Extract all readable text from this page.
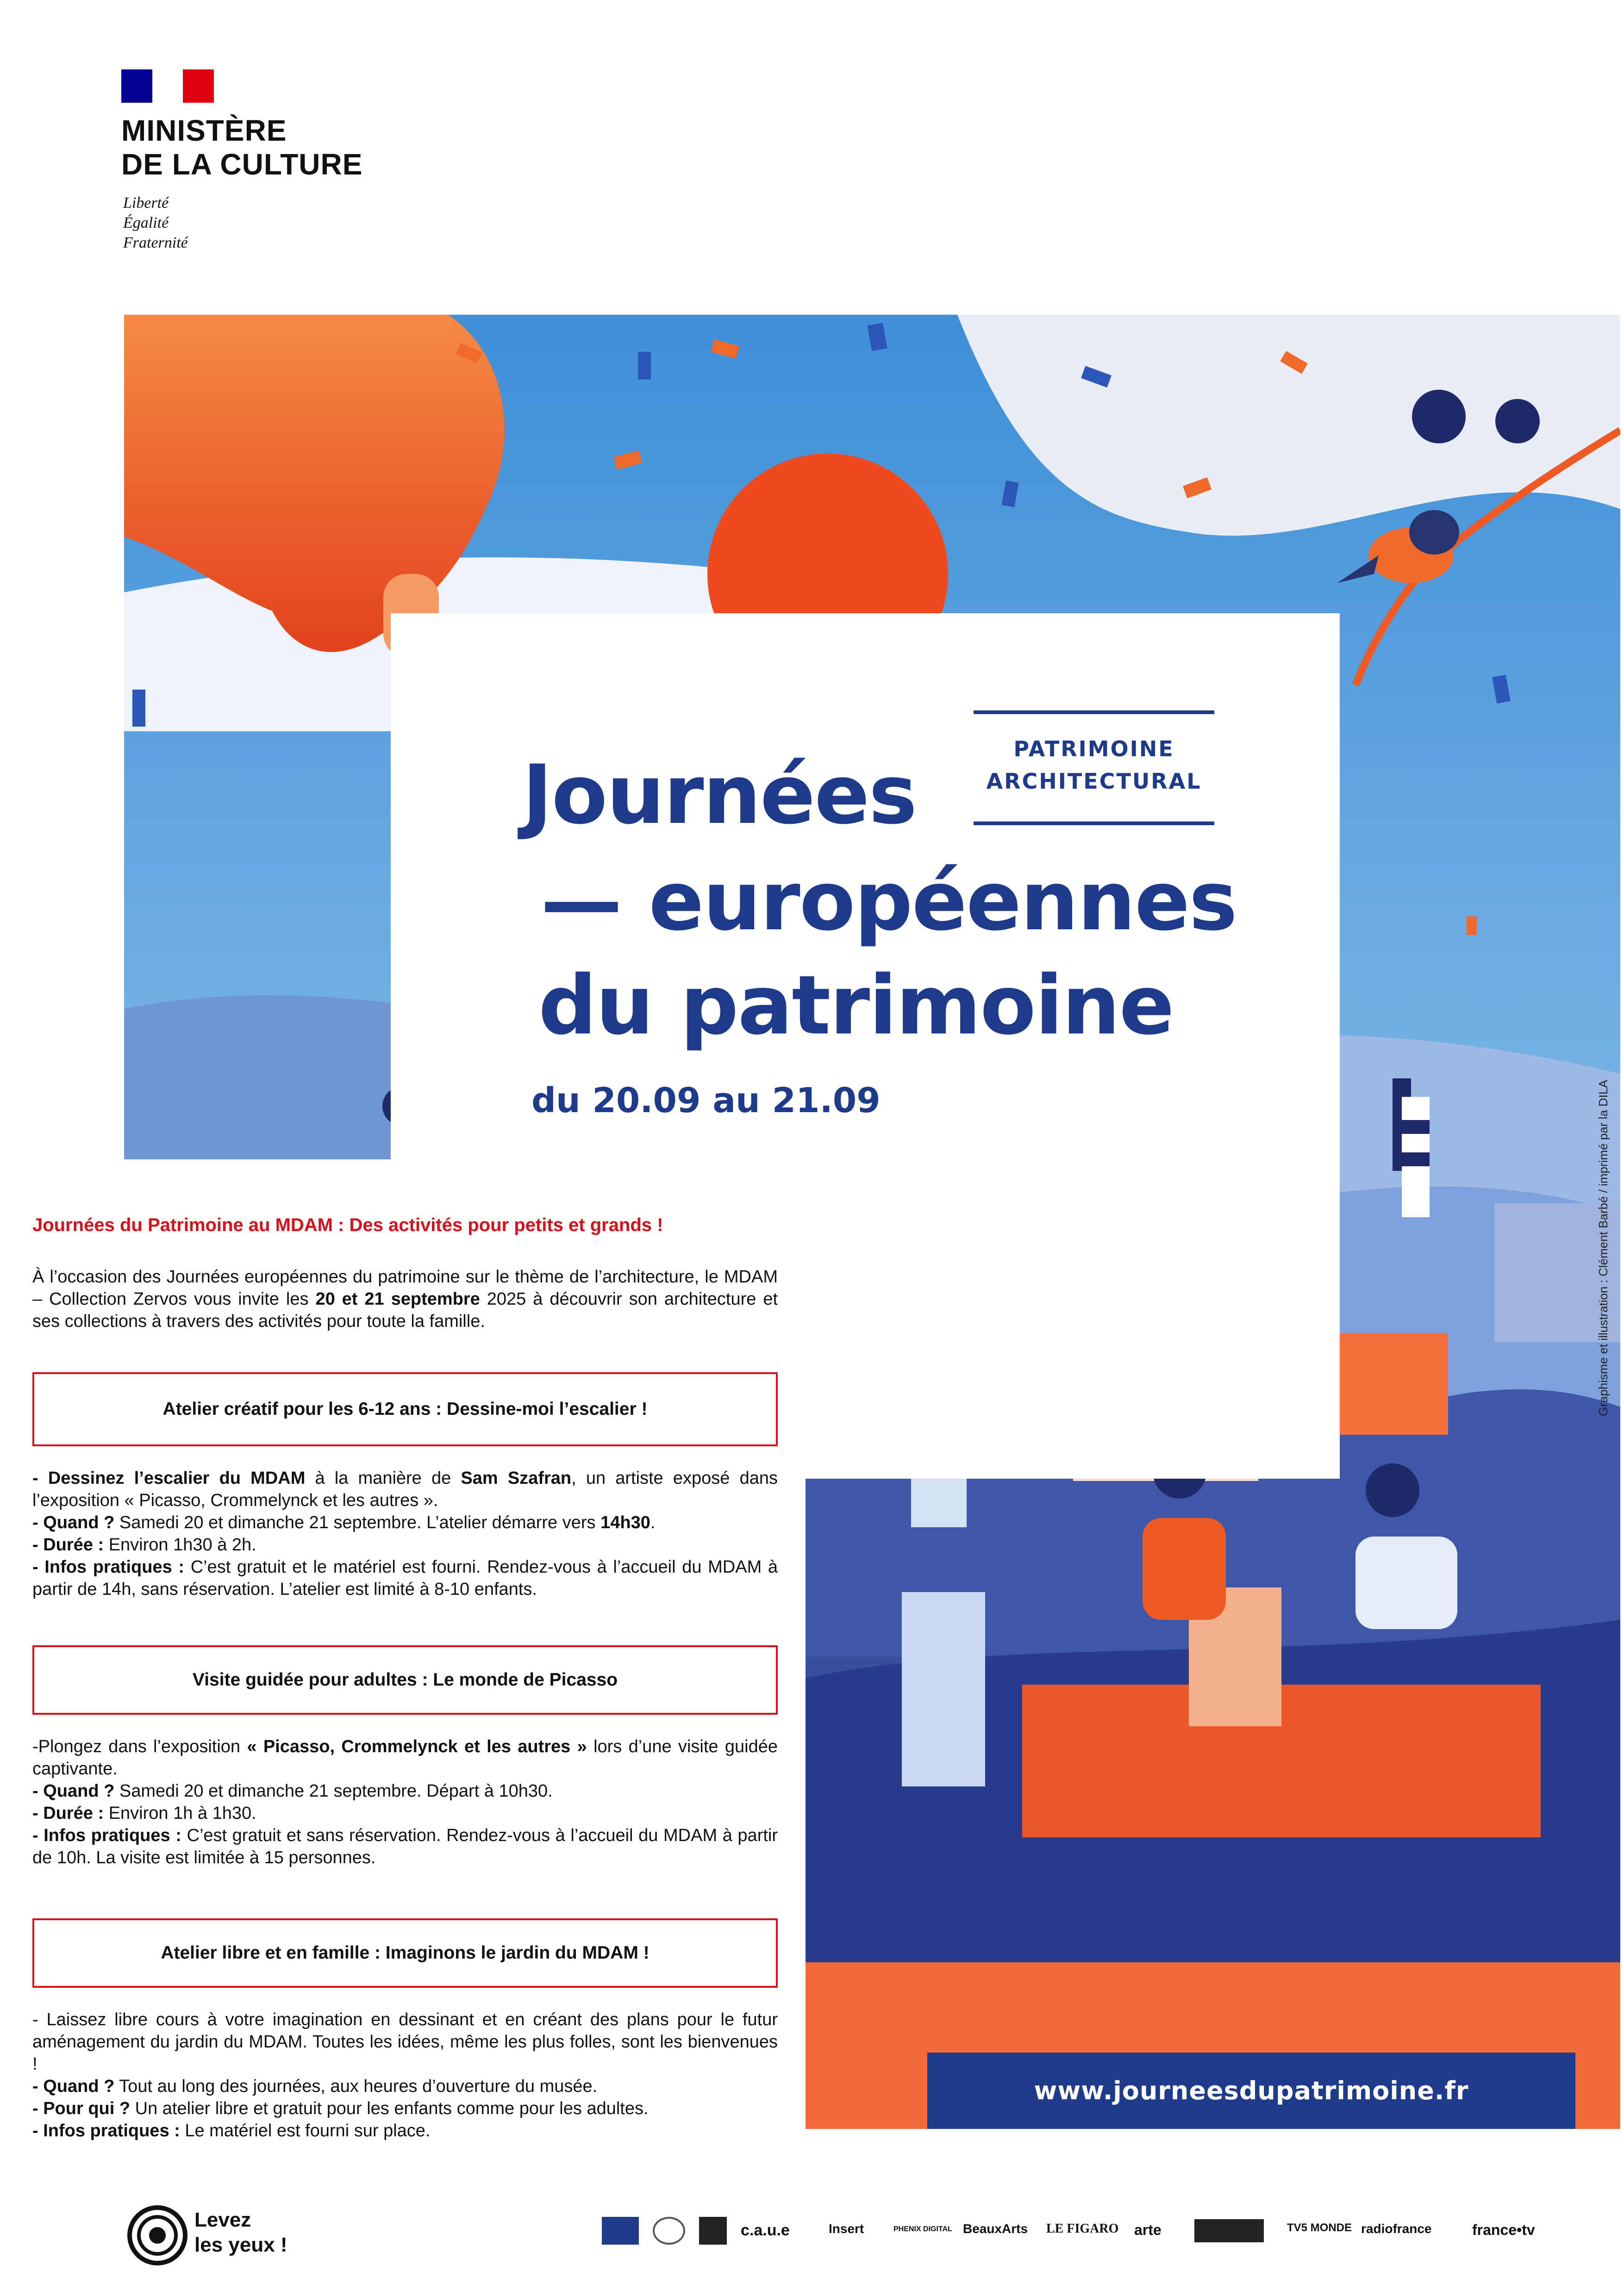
MINISTÈRE
DE LA CULTURE
Liberté
Égalité
Fraternité
PATRIMOINE
ARCHITECTURAL
Journées
— européennes
du patrimoine
du 20.09 au 21.09	Graphisme et illustration : Clément Barbé / imprimé par la DILA
www.journeesdupatrimoine.fr
Journées du Patrimoine au MDAM : Des activités pour petits et grands !
À l’occasion des Journées européennes du patrimoine sur le thème de l’architecture, le MDAM – Collection Zervos vous invite les 20 et 21 septembre 2025 à découvrir son architecture et ses collections à travers des activités pour toute la famille.
Atelier créatif pour les 6-12 ans : Dessine-moi l’escalier !
- Dessinez l’escalier du MDAM à la manière de Sam Szafran, un artiste exposé dans l’exposition « Picasso, Crommelynck et les autres ».
- Quand ? Samedi 20 et dimanche 21 septembre. L’atelier démarre vers 14h30.
- Durée : Environ 1h30 à 2h.
- Infos pratiques : C’est gratuit et le matériel est fourni. Rendez-vous à l’accueil du MDAM à partir de 14h, sans réservation. L’atelier est limité à 8-10 enfants.
Visite guidée pour adultes : Le monde de Picasso
-Plongez dans l’exposition « Picasso, Crommelynck et les autres » lors d’une visite guidée captivante.
- Quand ? Samedi 20 et dimanche 21 septembre. Départ à 10h30.
- Durée : Environ 1h à 1h30.
- Infos pratiques : C’est gratuit et sans réservation. Rendez-vous à l’accueil du MDAM à partir de 10h. La visite est limitée à 15 personnes.
Atelier libre et en famille : Imaginons le jardin du MDAM !
- Laissez libre cours à votre imagination en dessinant et en créant des plans pour le futur aménagement du jardin du MDAM. Toutes les idées, même les plus folles, sont les bienvenues !
- Quand ? Tout au long des journées, aux heures d’ouverture du musée.
- Pour qui ? Un atelier libre et gratuit pour les enfants comme pour les adultes.
- Infos pratiques : Le matériel est fourni sur place.
Levez
les yeux !
c.a.u.e	Insert	PHENIX DIGITAL BeauxArts LE FIGARO arte	TV5 MONDE radiofrance	france•tv
